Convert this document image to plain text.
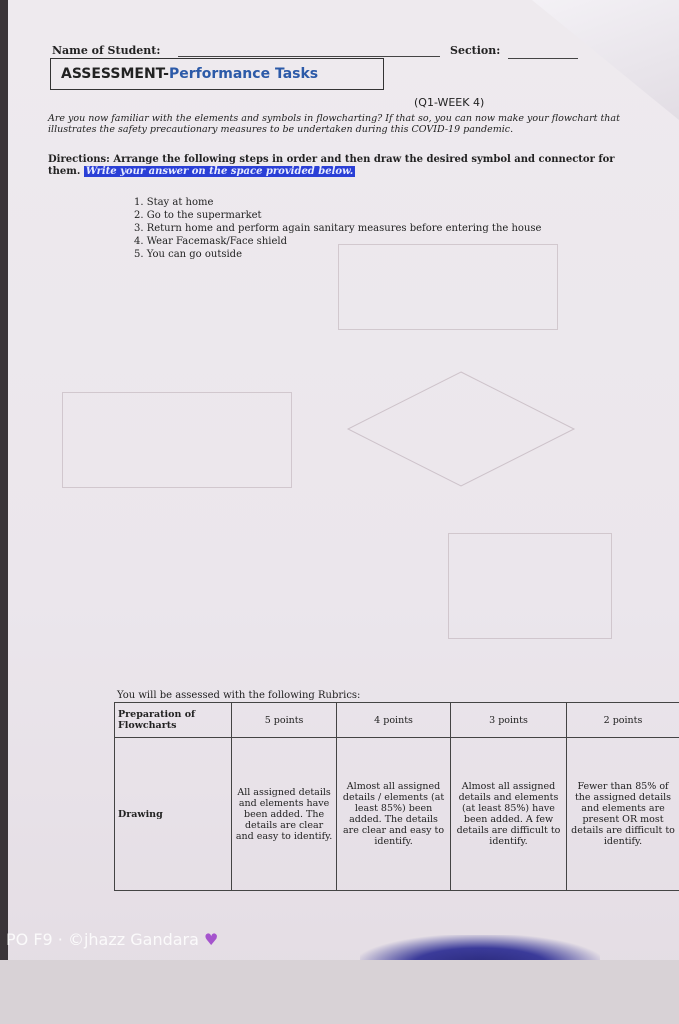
Name of Student:	Section:
ASSESSMENT- Performance Tasks
(Q1-WEEK 4)
Are you now familiar with the elements and symbols in flowcharting? If that so, you can now make your flowchart that illustrates the safety precautionary measures to be undertaken during this COVID-19 pandemic.
Directions: Arrange the following steps in order and then draw the desired symbol and connector for them. Write your answer on the space provided below.
1. Stay at home
2. Go to the supermarket
3. Return home and perform again sanitary measures before entering the house
4. Wear Facemask/Face shield
5. You can go outside
You will be assessed with the following Rubrics:
Preparation of Flowcharts	5 points	4 points	3 points	2 points
Drawing	All assigned details and elements have been added. The details are clear and easy to identify.	Almost all assigned details / elements (at least 85%) been added. The details are clear and easy to identify.	Almost all assigned details and elements (at least 85%) have been added. A few details are difficult to identify.	Fewer than 85% of the assigned details and elements are present OR most details are difficult to identify.
PO F9 · ©jhazz Gandara ♥
